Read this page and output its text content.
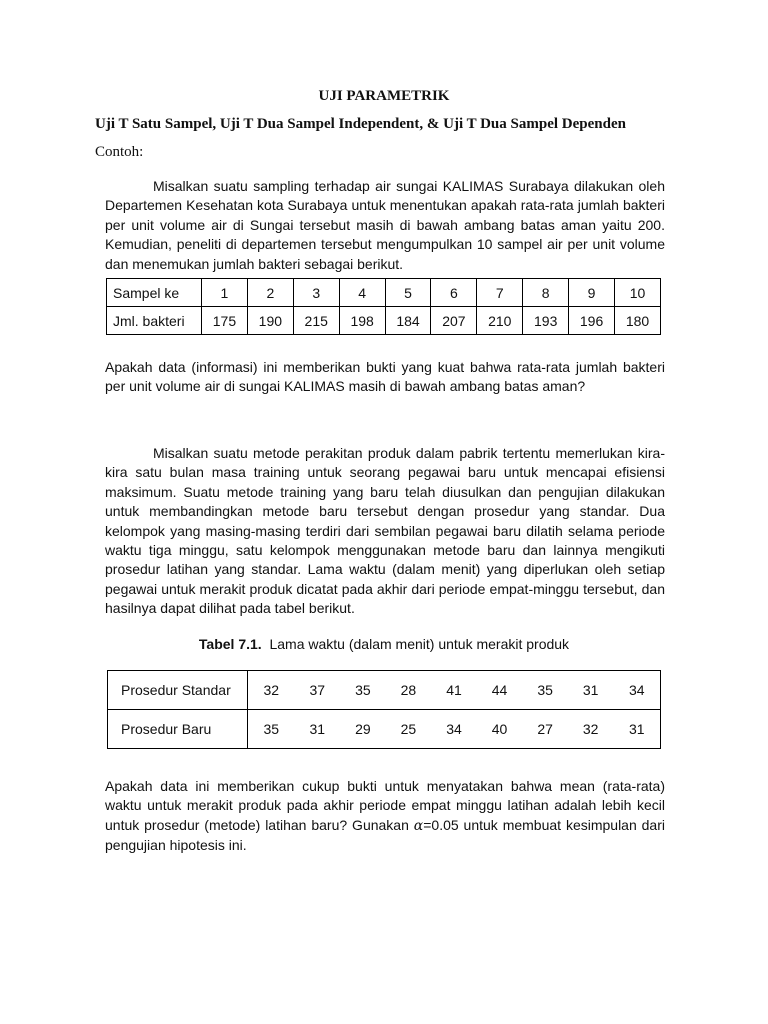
UJI PARAMETRIK
Uji T Satu Sampel, Uji T Dua Sampel Independent, & Uji T Dua Sampel Dependen
Contoh:

Misalkan suatu sampling terhadap air sungai KALIMAS Surabaya dilakukan oleh Departemen Kesehatan kota Surabaya untuk menentukan apakah rata-rata jumlah bakteri per unit volume air di Sungai tersebut masih di bawah ambang batas aman yaitu 200. Kemudian, peneliti di departemen tersebut mengumpulkan 10 sampel air per unit volume dan menemukan jumlah bakteri sebagai berikut.

Sampel ke	1	2	3	4	5	6	7	8	9	10
Jml. bakteri	175	190	215	198	184	207	210	193	196	180

Apakah data (informasi) ini memberikan bukti yang kuat bahwa rata-rata jumlah bakteri per unit volume air di sungai KALIMAS masih di bawah ambang batas aman?

Misalkan suatu metode perakitan produk dalam pabrik tertentu memerlukan kira-kira satu bulan masa training untuk seorang pegawai baru untuk mencapai efisiensi maksimum. Suatu metode training yang baru telah diusulkan dan pengujian dilakukan untuk membandingkan metode baru tersebut dengan prosedur yang standar. Dua kelompok yang masing-masing terdiri dari sembilan pegawai baru dilatih selama periode waktu tiga minggu, satu kelompok menggunakan metode baru dan lainnya mengikuti prosedur latihan yang standar. Lama waktu (dalam menit) yang diperlukan oleh setiap pegawai untuk merakit produk dicatat pada akhir dari periode empat-minggu tersebut, dan hasilnya dapat dilihat pada tabel berikut.

Tabel 7.1. Lama waktu (dalam menit) untuk merakit produk
Prosedur Standar	32	37	35	28	41	44	35	31	34
Prosedur Baru	35	31	29	25	34	40	27	32	31

Apakah data ini memberikan cukup bukti untuk menyatakan bahwa mean (rata-rata) waktu untuk merakit produk pada akhir periode empat minggu latihan adalah lebih kecil untuk prosedur (metode) latihan baru? Gunakan α=0.05 untuk membuat kesimpulan dari pengujian hipotesis ini.
